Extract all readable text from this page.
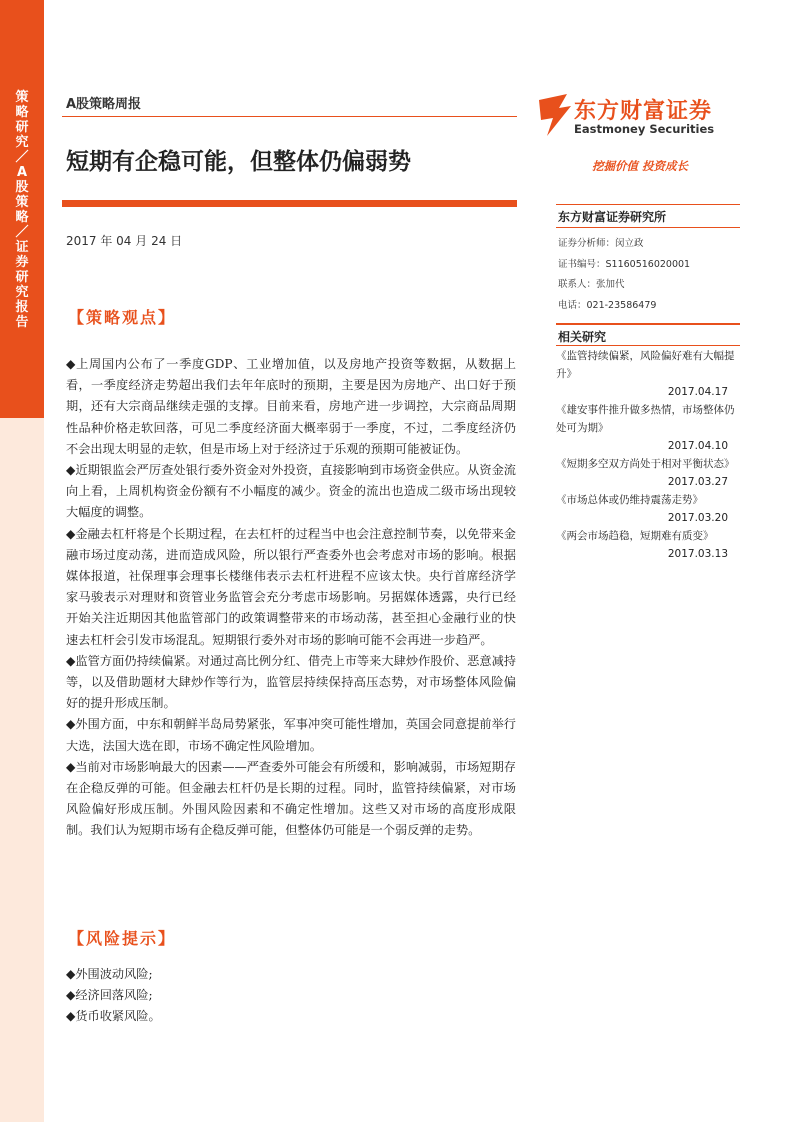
策略研究／A股策略／证券研究报告
A股策略周报
短期有企稳可能，但整体仍偏弱势
2017 年 04 月 24 日
东方财富证券
Eastmoney Securities
挖掘价值 投资成长
【策略观点】

◆上周国内公布了一季度GDP、工业增加值，以及房地产投资等数据，从数据上看，一季度经济走势超出我们去年年底时的预期，主要是因为房地产、出口好于预期，还有大宗商品继续走强的支撑。目前来看，房地产进一步调控，大宗商品周期性品种价格走软回落，可见二季度经济面大概率弱于一季度，不过，二季度经济仍不会出现太明显的走软，但是市场上对于经济过于乐观的预期可能被证伪。

◆近期银监会严厉查处银行委外资金对外投资，直接影响到市场资金供应。从资金流向上看，上周机构资金份额有不小幅度的减少。资金的流出也造成二级市场出现较大幅度的调整。

◆金融去杠杆将是个长期过程，在去杠杆的过程当中也会注意控制节奏，以免带来金融市场过度动荡，进而造成风险，所以银行严查委外也会考虑对市场的影响。根据媒体报道，社保理事会理事长楼继伟表示去杠杆进程不应该太快。央行首席经济学家马骏表示对理财和资管业务监管会充分考虑市场影响。另据媒体透露，央行已经开始关注近期因其他监管部门的政策调整带来的市场动荡，甚至担心金融行业的快速去杠杆会引发市场混乱。短期银行委外对市场的影响可能不会再进一步趋严。

◆监管方面仍持续偏紧。对通过高比例分红、借壳上市等来大肆炒作股价、恶意减持等，以及借助题材大肆炒作等行为，监管层持续保持高压态势，对市场整体风险偏好的提升形成压制。

◆外围方面，中东和朝鲜半岛局势紧张，军事冲突可能性增加，英国会同意提前举行大选，法国大选在即，市场不确定性风险增加。

◆当前对市场影响最大的因素——严查委外可能会有所缓和，影响减弱，市场短期存在企稳反弹的可能。但金融去杠杆仍是长期的过程。同时，监管持续偏紧，对市场风险偏好形成压制。外围风险因素和不确定性增加。这些又对市场的高度形成限制。我们认为短期市场有企稳反弹可能，但整体仍可能是一个弱反弹的走势。

【风险提示】

◆外围波动风险;

◆经济回落风险;

◆货币收紧风险。

东方财富证券研究所
证券分析师：闵立政
证书编号：S1160516020001
联系人：张加代
电话：021-23586479
相关研究
《监管持续偏紧，风险偏好难有大幅提升》
2017.04.17
《雄安事件推升做多热情，市场整体仍处可为期》
2017.04.10
《短期多空双方尚处于相对平衡状态》
2017.03.27
《市场总体或仍维持震荡走势》
2017.03.20
《两会市场趋稳，短期难有质变》
2017.03.13
